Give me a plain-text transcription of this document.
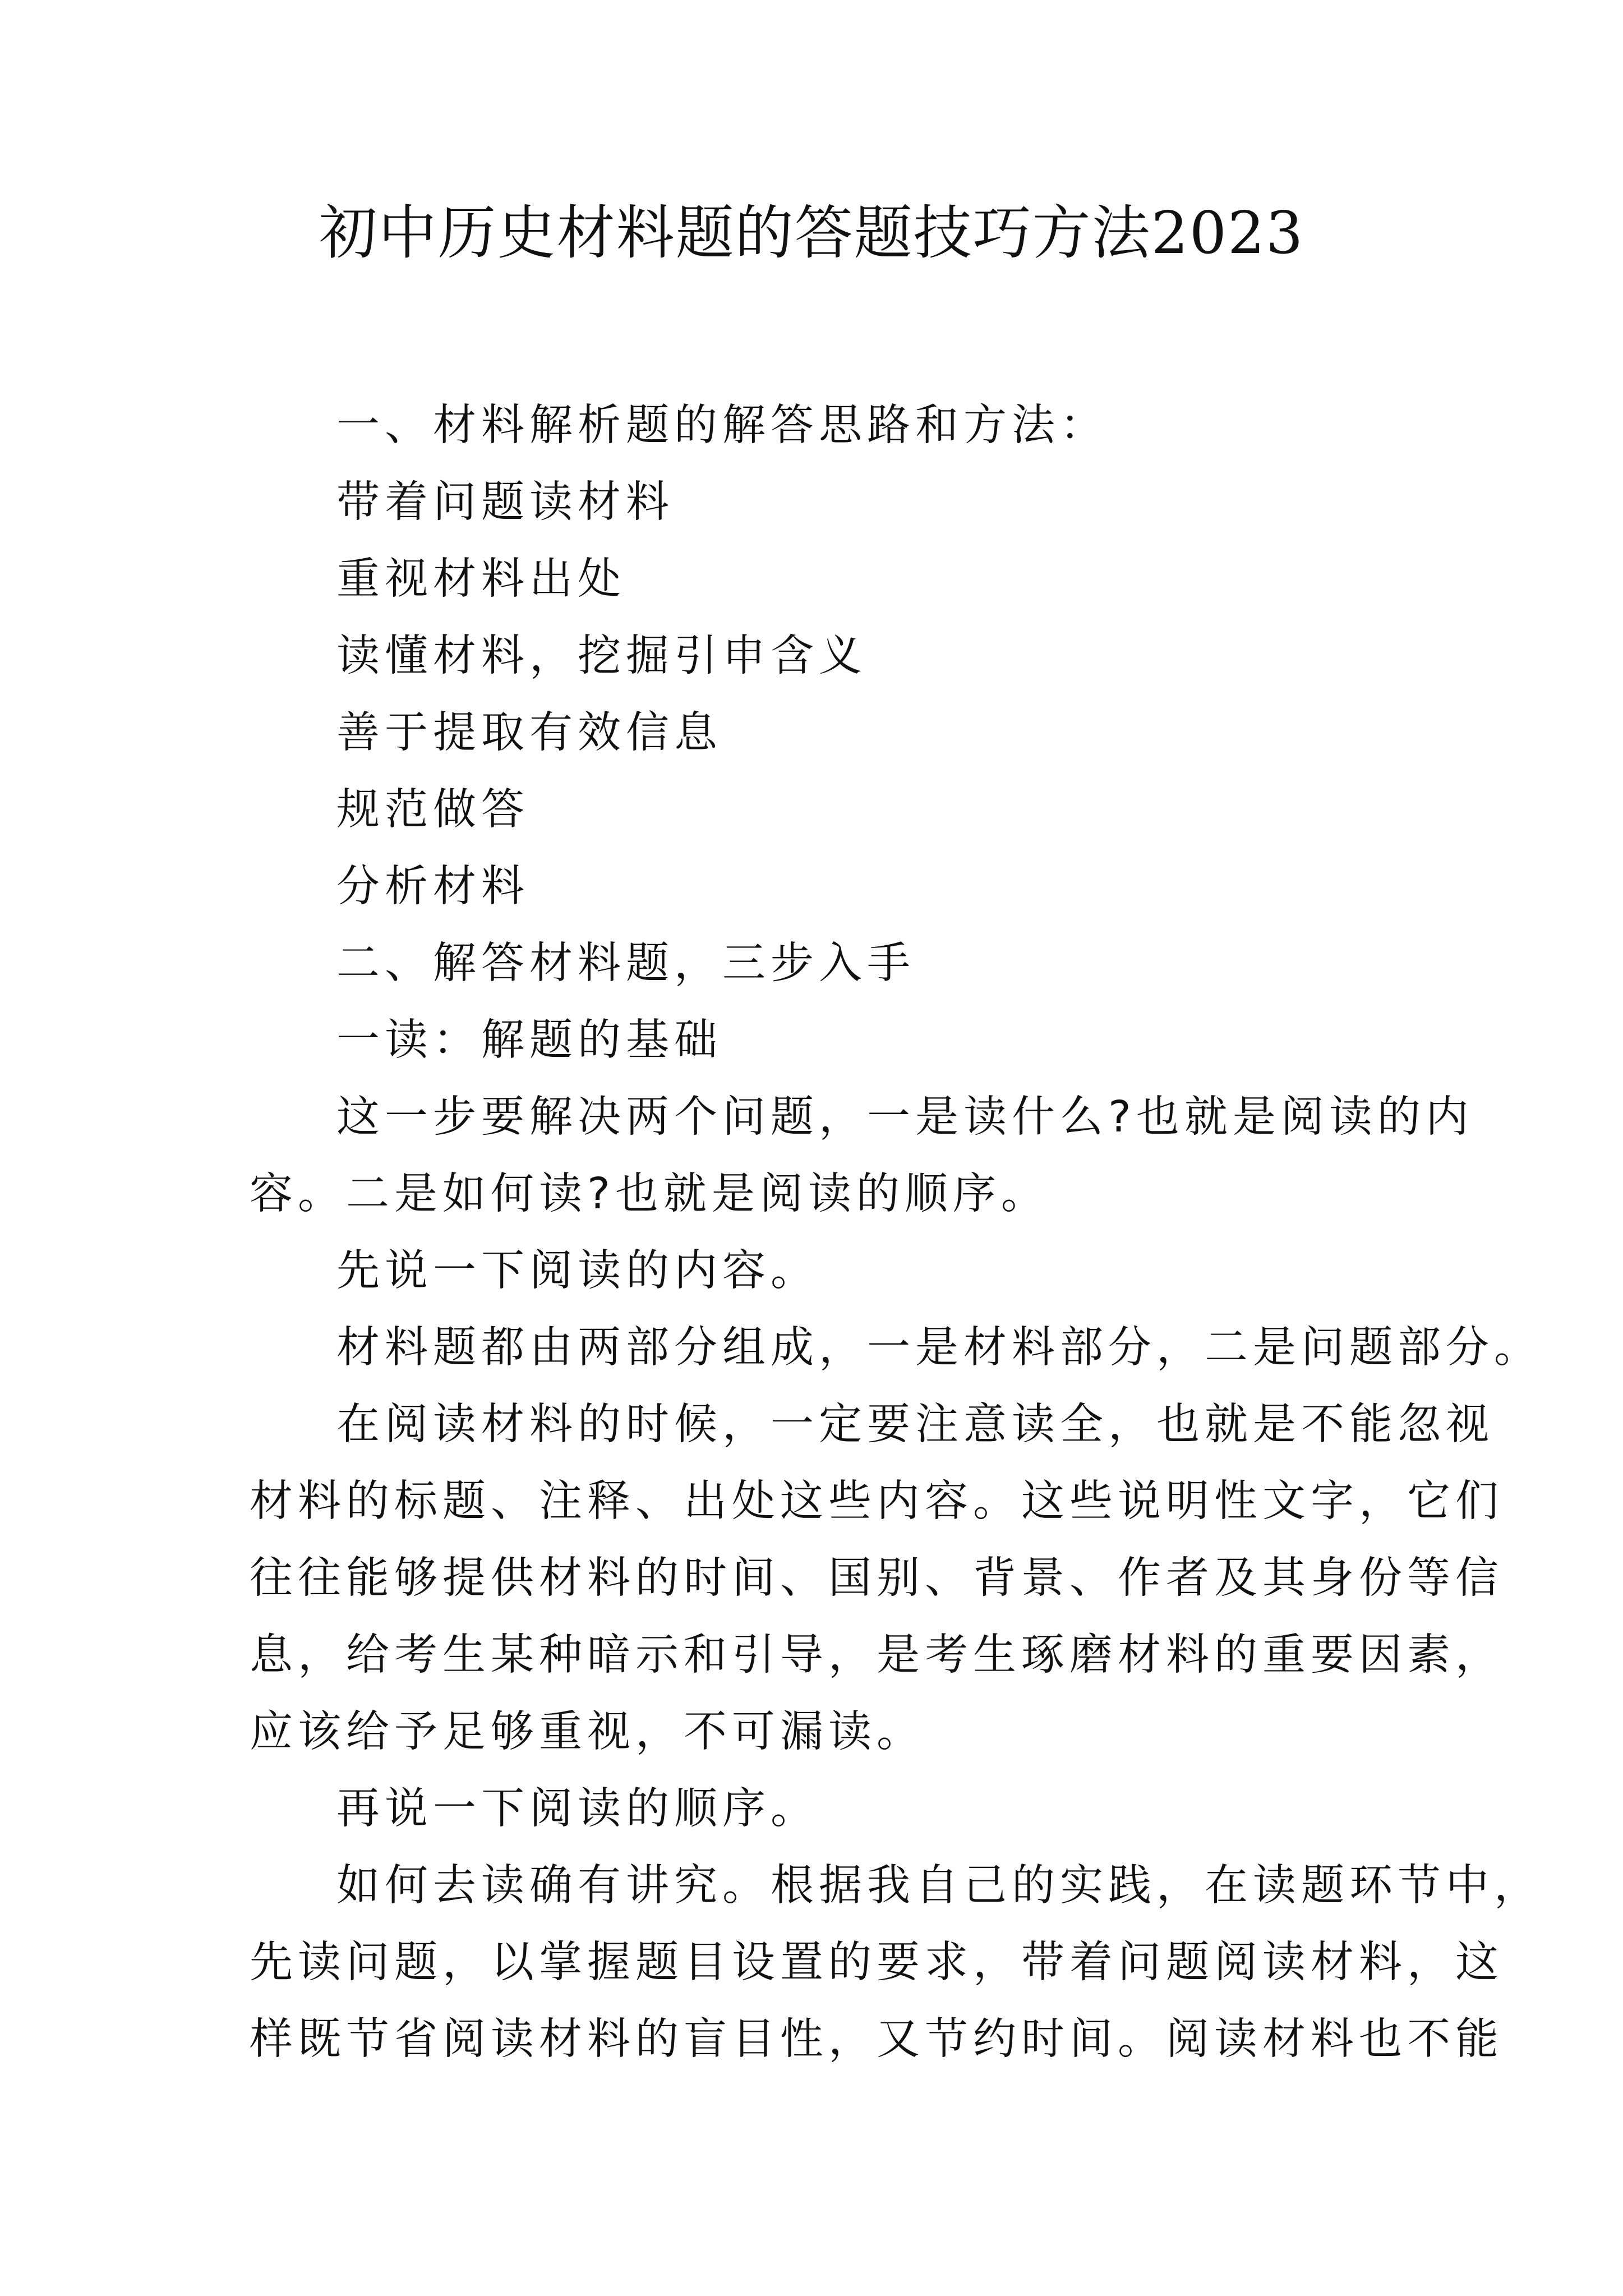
初中历史材料题的答题技巧方法2023
一、材料解析题的解答思路和方法：
带着问题读材料
重视材料出处
读懂材料，挖掘引申含义
善于提取有效信息
规范做答
分析材料
二、解答材料题，三步入手
一读：解题的基础
这一步要解决两个问题，一是读什么?也就是阅读的内
容。二是如何读?也就是阅读的顺序。
先说一下阅读的内容。
材料题都由两部分组成，一是材料部分，二是问题部分。
在阅读材料的时候，一定要注意读全，也就是不能忽视
材料的标题、注释、出处这些内容。这些说明性文字，它们
往往能够提供材料的时间、国别、背景、作者及其身份等信
息，给考生某种暗示和引导，是考生琢磨材料的重要因素，
应该给予足够重视，不可漏读。
再说一下阅读的顺序。
如何去读确有讲究。根据我自己的实践，在读题环节中，
先读问题，以掌握题目设置的要求，带着问题阅读材料，这
样既节省阅读材料的盲目性，又节约时间。阅读材料也不能
